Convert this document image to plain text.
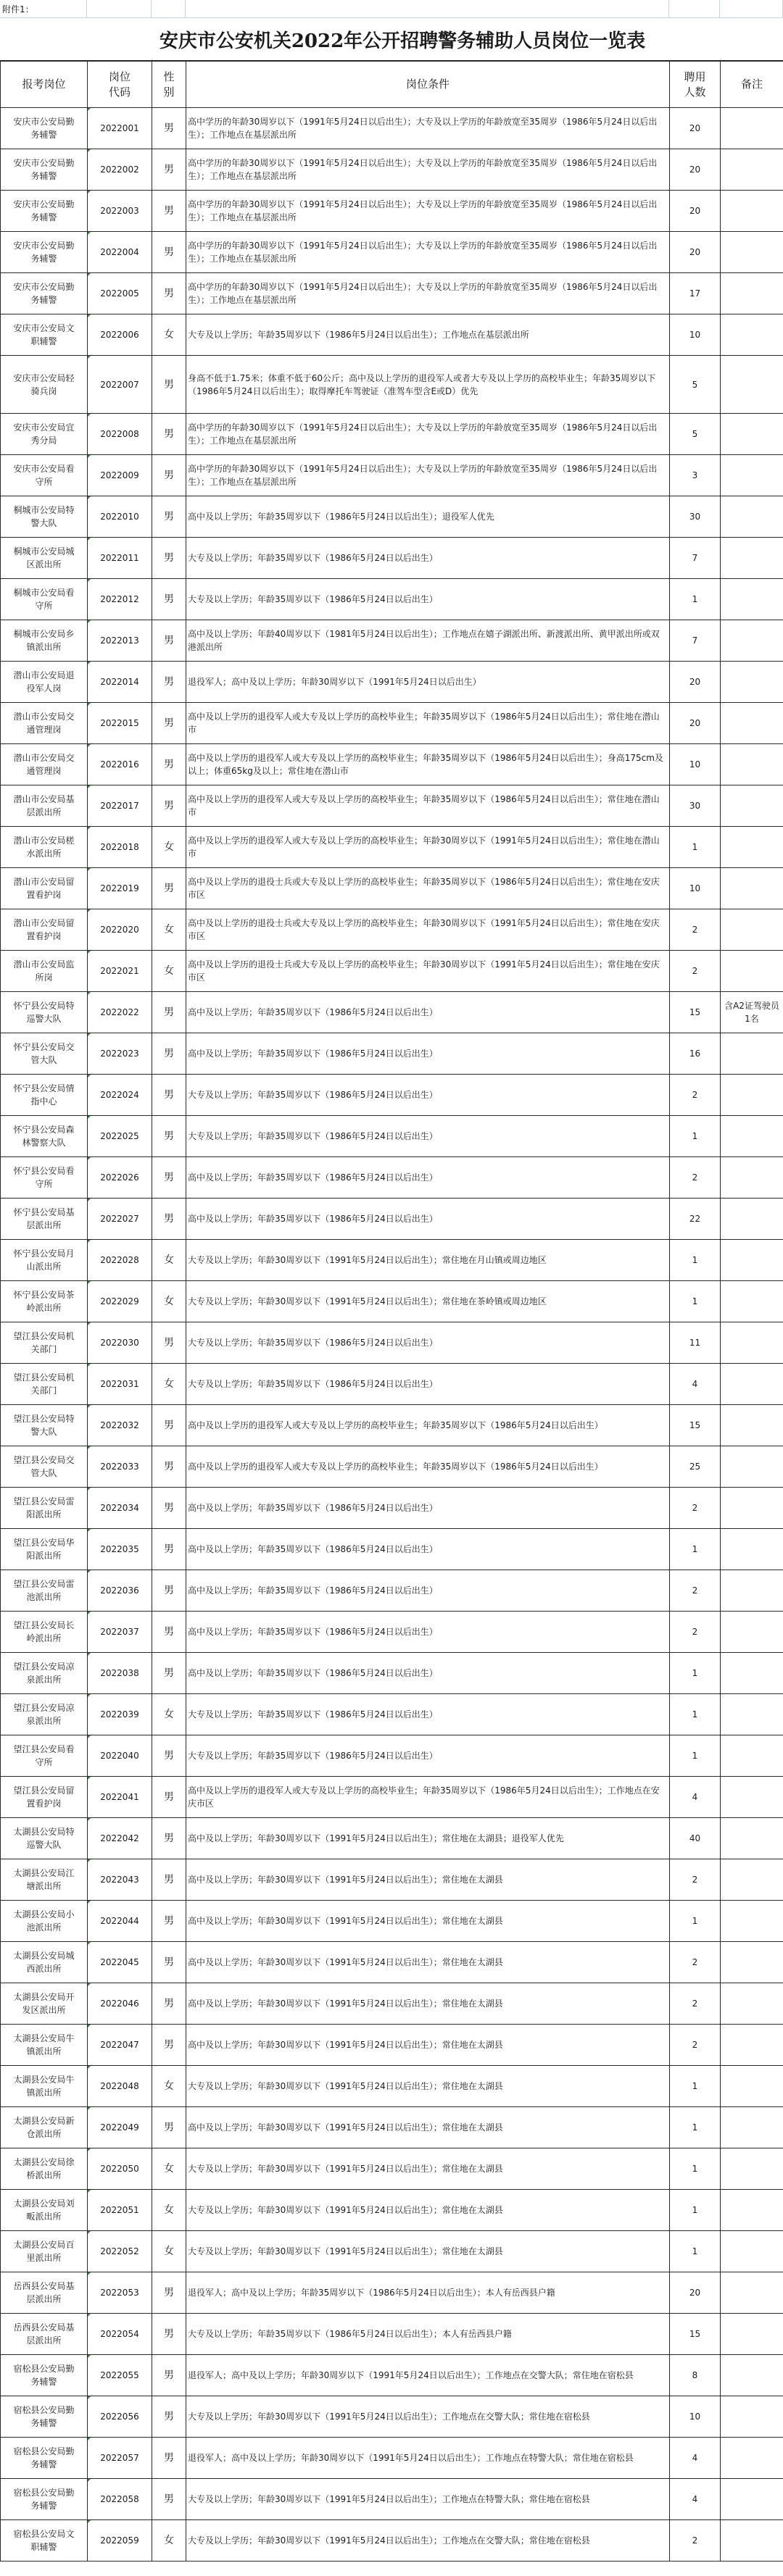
附件1：
安庆市公安机关2022年公开招聘警务辅助人员岗位一览表
报考岗位	岗位代码	性别	岗位条件	聘用人数	备注
安庆市公安局勤务辅警	2022001	男	高中学历的年龄30周岁以下（1991年5月24日以后出生）；大专及以上学历的年龄放宽至35周岁（1986年5月24日以后出生）；工作地点在基层派出所	20	
安庆市公安局勤务辅警	2022002	男	高中学历的年龄30周岁以下（1991年5月24日以后出生）；大专及以上学历的年龄放宽至35周岁（1986年5月24日以后出生）；工作地点在基层派出所	20	
安庆市公安局勤务辅警	2022003	男	高中学历的年龄30周岁以下（1991年5月24日以后出生）；大专及以上学历的年龄放宽至35周岁（1986年5月24日以后出生）；工作地点在基层派出所	20	
安庆市公安局勤务辅警	2022004	男	高中学历的年龄30周岁以下（1991年5月24日以后出生）；大专及以上学历的年龄放宽至35周岁（1986年5月24日以后出生）；工作地点在基层派出所	20	
安庆市公安局勤务辅警	2022005	男	高中学历的年龄30周岁以下（1991年5月24日以后出生）；大专及以上学历的年龄放宽至35周岁（1986年5月24日以后出生）；工作地点在基层派出所	17	
安庆市公安局文职辅警	2022006	女	大专及以上学历；年龄35周岁以下（1986年5月24日以后出生）；工作地点在基层派出所	10	
安庆市公安局轻骑兵岗	2022007	男	身高不低于1.75米；体重不低于60公斤；高中及以上学历的退役军人或者大专及以上学历的高校毕业生；年龄35周岁以下（1986年5月24日以后出生）；取得摩托车驾驶证（准驾车型含E或D）优先	5	
安庆市公安局宜秀分局	2022008	男	高中学历的年龄30周岁以下（1991年5月24日以后出生）；大专及以上学历的年龄放宽至35周岁（1986年5月24日以后出生）；工作地点在基层派出所	5	
安庆市公安局看守所	2022009	男	高中学历的年龄30周岁以下（1991年5月24日以后出生）；大专及以上学历的年龄放宽至35周岁（1986年5月24日以后出生）；工作地点在基层派出所	3	
桐城市公安局特警大队	2022010	男	高中及以上学历；年龄35周岁以下（1986年5月24日以后出生）；退役军人优先	30	
桐城市公安局城区派出所	2022011	男	大专及以上学历；年龄35周岁以下（1986年5月24日以后出生）	7	
桐城市公安局看守所	2022012	男	大专及以上学历；年龄35周岁以下（1986年5月24日以后出生）	1	
桐城市公安局乡镇派出所	2022013	男	高中及以上学历；年龄40周岁以下（1981年5月24日以后出生）；工作地点在嬉子湖派出所、新渡派出所、黄甲派出所或双港派出所	7	
潜山市公安局退役军人岗	2022014	男	退役军人；高中及以上学历；年龄30周岁以下（1991年5月24日以后出生）	20	
潜山市公安局交通管理岗	2022015	男	高中及以上学历的退役军人或大专及以上学历的高校毕业生；年龄35周岁以下（1986年5月24日以后出生）；常住地在潜山市	20	
潜山市公安局交通管理岗	2022016	男	高中及以上学历的退役军人或大专及以上学历的高校毕业生；年龄35周岁以下（1986年5月24日以后出生）；身高175cm及以上；体重65kg及以上；常住地在潜山市	10	
潜山市公安局基层派出所	2022017	男	高中及以上学历的退役军人或大专及以上学历的高校毕业生；年龄35周岁以下（1986年5月24日以后出生）；常住地在潜山市	30	
潜山市公安局槎水派出所	2022018	女	高中及以上学历的退役军人或大专及以上学历的高校毕业生；年龄30周岁以下（1991年5月24日以后出生）；常住地在潜山市	1	
潜山市公安局留置看护岗	2022019	男	高中及以上学历的退役士兵或大专及以上学历的高校毕业生；年龄35周岁以下（1986年5月24日以后出生）；常住地在安庆市区	10	
潜山市公安局留置看护岗	2022020	女	高中及以上学历的退役士兵或大专及以上学历的高校毕业生；年龄30周岁以下（1991年5月24日以后出生）；常住地在安庆市区	2	
潜山市公安局监所岗	2022021	女	高中及以上学历的退役士兵或大专及以上学历的高校毕业生；年龄30周岁以下（1991年5月24日以后出生）；常住地在安庆市区	2	
怀宁县公安局特巡警大队	2022022	男	高中及以上学历；年龄35周岁以下（1986年5月24日以后出生）	15	含A2证驾驶员1名
怀宁县公安局交管大队	2022023	男	高中及以上学历；年龄35周岁以下（1986年5月24日以后出生）	16	
怀宁县公安局情指中心	2022024	男	大专及以上学历；年龄35周岁以下（1986年5月24日以后出生）	2	
怀宁县公安局森林警察大队	2022025	男	大专及以上学历；年龄35周岁以下（1986年5月24日以后出生）	1	
怀宁县公安局看守所	2022026	男	高中及以上学历；年龄35周岁以下（1986年5月24日以后出生）	2	
怀宁县公安局基层派出所	2022027	男	高中及以上学历；年龄35周岁以下（1986年5月24日以后出生）	22	
怀宁县公安局月山派出所	2022028	女	大专及以上学历；年龄30周岁以下（1991年5月24日以后出生）；常住地在月山镇或周边地区	1	
怀宁县公安局茶岭派出所	2022029	女	大专及以上学历；年龄30周岁以下（1991年5月24日以后出生）；常住地在茶岭镇或周边地区	1	
望江县公安局机关部门	2022030	男	大专及以上学历；年龄35周岁以下（1986年5月24日以后出生）	11	
望江县公安局机关部门	2022031	女	大专及以上学历；年龄35周岁以下（1986年5月24日以后出生）	4	
望江县公安局特警大队	2022032	男	高中及以上学历的退役军人或大专及以上学历的高校毕业生；年龄35周岁以下（1986年5月24日以后出生）	15	
望江县公安局交管大队	2022033	男	高中及以上学历的退役军人或大专及以上学历的高校毕业生；年龄35周岁以下（1986年5月24日以后出生）	25	
望江县公安局雷阳派出所	2022034	男	高中及以上学历；年龄35周岁以下（1986年5月24日以后出生）	2	
望江县公安局华阳派出所	2022035	男	高中及以上学历；年龄35周岁以下（1986年5月24日以后出生）	1	
望江县公安局雷池派出所	2022036	男	高中及以上学历；年龄35周岁以下（1986年5月24日以后出生）	2	
望江县公安局长岭派出所	2022037	男	高中及以上学历；年龄35周岁以下（1986年5月24日以后出生）	2	
望江县公安局凉泉派出所	2022038	男	高中及以上学历；年龄35周岁以下（1986年5月24日以后出生）	1	
望江县公安局凉泉派出所	2022039	女	大专及以上学历；年龄35周岁以下（1986年5月24日以后出生）	1	
望江县公安局看守所	2022040	男	大专及以上学历；年龄35周岁以下（1986年5月24日以后出生）	1	
望江县公安局留置看护岗	2022041	男	高中及以上学历的退役军人或大专及以上学历的高校毕业生；年龄35周岁以下（1986年5月24日以后出生）；工作地点在安庆市区	4	
太湖县公安局特巡警大队	2022042	男	高中及以上学历；年龄30周岁以下（1991年5月24日以后出生）；常住地在太湖县；退役军人优先	40	
太湖县公安局江塘派出所	2022043	男	高中及以上学历；年龄30周岁以下（1991年5月24日以后出生）；常住地在太湖县	2	
太湖县公安局小池派出所	2022044	男	高中及以上学历；年龄30周岁以下（1991年5月24日以后出生）；常住地在太湖县	1	
太湖县公安局城西派出所	2022045	男	高中及以上学历；年龄30周岁以下（1991年5月24日以后出生）；常住地在太湖县	2	
太湖县公安局开发区派出所	2022046	男	高中及以上学历；年龄30周岁以下（1991年5月24日以后出生）；常住地在太湖县	2	
太湖县公安局牛镇派出所	2022047	男	高中及以上学历；年龄30周岁以下（1991年5月24日以后出生）；常住地在太湖县	2	
太湖县公安局牛镇派出所	2022048	女	大专及以上学历；年龄30周岁以下（1991年5月24日以后出生）；常住地在太湖县	1	
太湖县公安局新仓派出所	2022049	男	高中及以上学历；年龄30周岁以下（1991年5月24日以后出生）；常住地在太湖县	1	
太湖县公安局徐桥派出所	2022050	女	大专及以上学历；年龄30周岁以下（1991年5月24日以后出生）；常住地在太湖县	1	
太湖县公安局刘畈派出所	2022051	女	大专及以上学历；年龄30周岁以下（1991年5月24日以后出生）；常住地在太湖县	1	
太湖县公安局百里派出所	2022052	女	大专及以上学历；年龄30周岁以下（1991年5月24日以后出生）；常住地在太湖县	1	
岳西县公安局基层派出所	2022053	男	退役军人；高中及以上学历；年龄35周岁以下（1986年5月24日以后出生）；本人有岳西县户籍	20	
岳西县公安局基层派出所	2022054	男	大专及以上学历；年龄35周岁以下（1986年5月24日以后出生）；本人有岳西县户籍	15	
宿松县公安局勤务辅警	2022055	男	退役军人；高中及以上学历；年龄30周岁以下（1991年5月24日以后出生）；工作地点在交警大队；常住地在宿松县	8	
宿松县公安局勤务辅警	2022056	男	大专及以上学历；年龄30周岁以下（1991年5月24日以后出生）；工作地点在交警大队；常住地在宿松县	10	
宿松县公安局勤务辅警	2022057	男	退役军人；高中及以上学历；年龄30周岁以下（1991年5月24日以后出生）；工作地点在特警大队；常住地在宿松县	4	
宿松县公安局勤务辅警	2022058	男	大专及以上学历；年龄30周岁以下（1991年5月24日以后出生）；工作地点在特警大队；常住地在宿松县	4	
宿松县公安局文职辅警	2022059	女	大专及以上学历；年龄30周岁以下（1991年5月24日以后出生）；工作地点在交警大队；常住地在宿松县	2	
